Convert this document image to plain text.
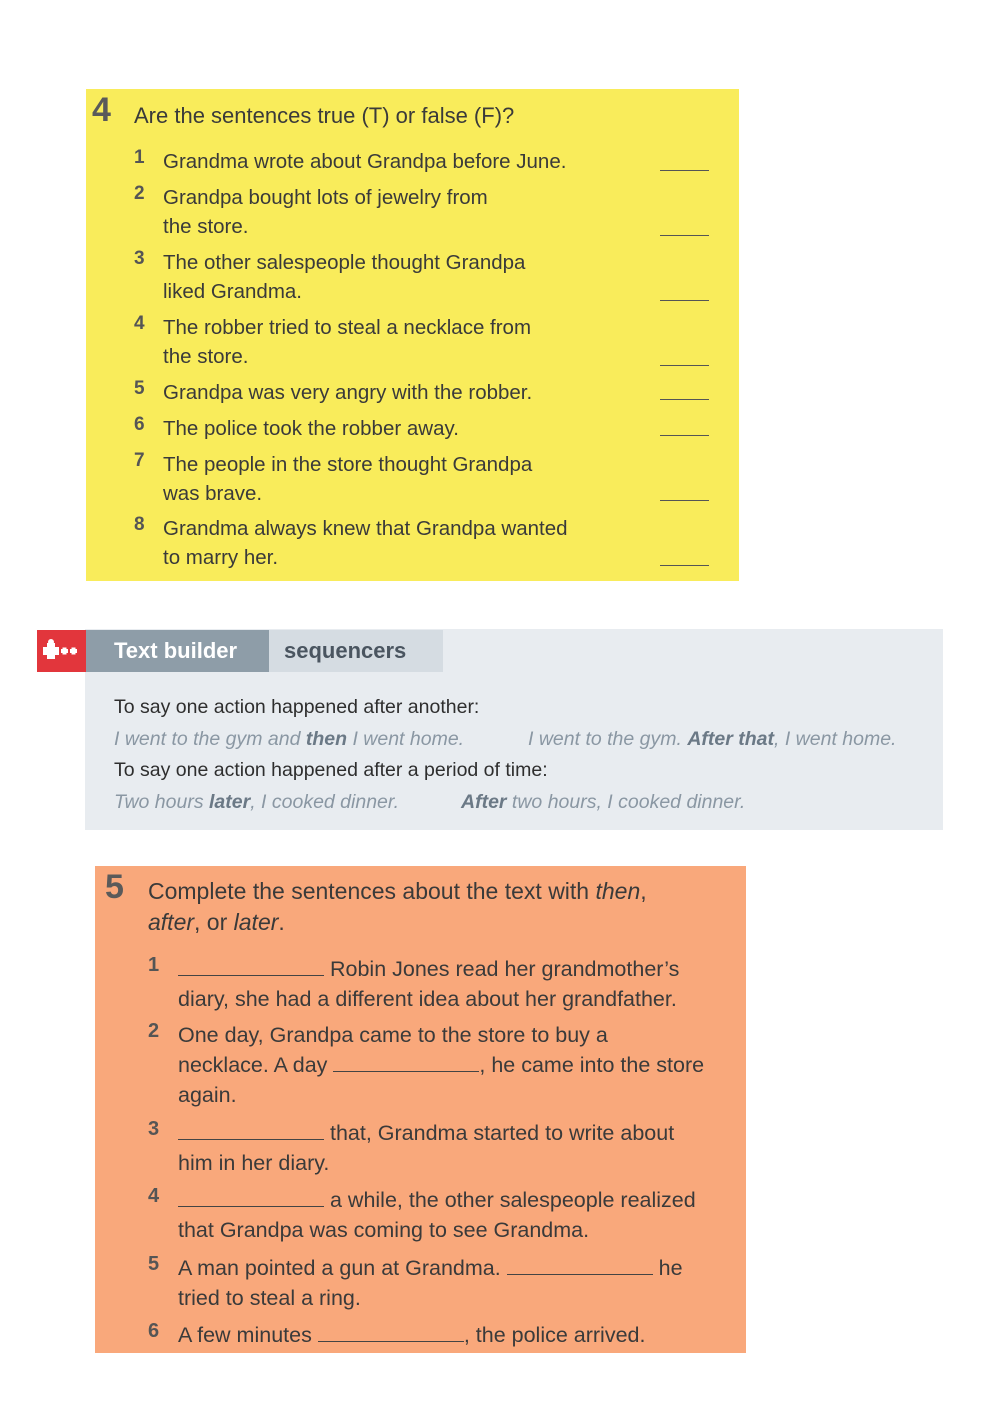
4 Are the sentences true (T) or false (F)?
1 Grandma wrote about Grandpa before June.
2 Grandpa bought lots of jewelry from
the store.
3 The other salespeople thought Grandpa
liked Grandma.
4 The robber tried to steal a necklace from
the store.
5 Grandpa was very angry with the robber.
6 The police took the robber away.
7 The people in the store thought Grandpa
was brave.
8 Grandma always knew that Grandpa wanted
to marry her.
Text builder	sequencers
To say one action happened after another:
I went to the gym and then I went home.	I went to the gym. After that, I went home.
To say one action happened after a period of time:
Two hours later, I cooked dinner.	After two hours, I cooked dinner.
5 Complete the sentences about the text with then,
after, or later.
1	Robin Jones read her grandmother’s
diary, she had a different idea about her grandfather.
2 One day, Grandpa came to the store to buy a
necklace. A day	, he came into the store
again.
3	that, Grandma started to write about
him in her diary.
4	a while, the other salespeople realized
that Grandpa was coming to see Grandma.
5 A man pointed a gun at Grandma.	he
tried to steal a ring.
6 A few minutes	, the police arrived.
